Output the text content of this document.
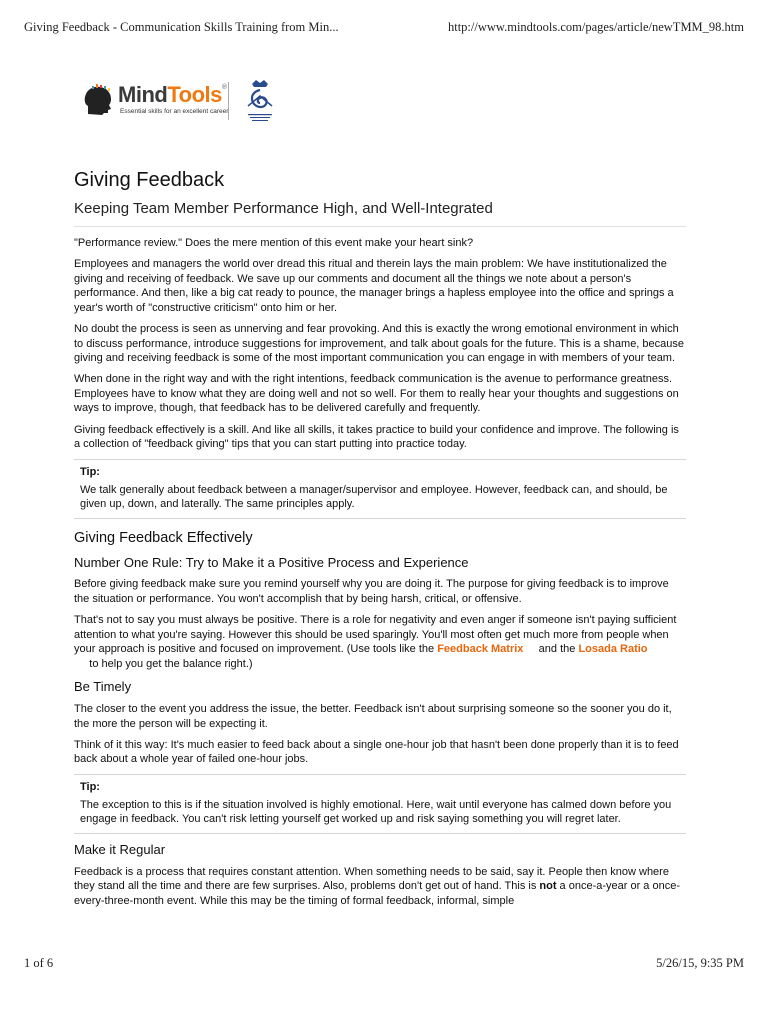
Giving Feedback - Communication Skills Training from Min...	http://www.mindtools.com/pages/article/newTMM_98.htm
MindTools®
Essential skills for an excellent career
Giving Feedback
Keeping Team Member Performance High, and Well-Integrated

"Performance review." Does the mere mention of this event make your heart sink?

Employees and managers the world over dread this ritual and therein lays the main problem: We have institutionalized the giving and receiving of feedback. We save up our comments and document all the things we note about a person's performance. And then, like a big cat ready to pounce, the manager brings a hapless employee into the office and springs a year's worth of "constructive criticism" onto him or her.

No doubt the process is seen as unnerving and fear provoking. And this is exactly the wrong emotional environment in which to discuss performance, introduce suggestions for improvement, and talk about goals for the future. This is a shame, because giving and receiving feedback is some of the most important communication you can engage in with members of your team.

When done in the right way and with the right intentions, feedback communication is the avenue to performance greatness. Employees have to know what they are doing well and not so well. For them to really hear your thoughts and suggestions on ways to improve, though, that feedback has to be delivered carefully and frequently.

Giving feedback effectively is a skill. And like all skills, it takes practice to build your confidence and improve. The following is a collection of "feedback giving" tips that you can start putting into practice today.

Tip:

We talk generally about feedback between a manager/supervisor and employee. However, feedback can, and should, be given up, down, and laterally. The same principles apply.

Giving Feedback Effectively
Number One Rule: Try to Make it a Positive Process and Experience

Before giving feedback make sure you remind yourself why you are doing it. The purpose for giving feedback is to improve the situation or performance. You won't accomplish that by being harsh, critical, or offensive.

That's not to say you must always be positive. There is a role for negativity and even anger if someone isn't paying sufficient attention to what you're saying. However this should be used sparingly. You'll most often get much more from people when your approach is positive and focused on improvement. (Use tools like the Feedback Matrix     and the Losada Ratio     to help you get the balance right.)

Be Timely

The closer to the event you address the issue, the better. Feedback isn't about surprising someone so the sooner you do it, the more the person will be expecting it.

Think of it this way: It's much easier to feed back about a single one-hour job that hasn't been done properly than it is to feed back about a whole year of failed one-hour jobs.

Tip:

The exception to this is if the situation involved is highly emotional. Here, wait until everyone has calmed down before you engage in feedback. You can't risk letting yourself get worked up and risk saying something you will regret later.

Make it Regular

Feedback is a process that requires constant attention. When something needs to be said, say it. People then know where they stand all the time and there are few surprises. Also, problems don't get out of hand. This is not a once-a-year or a once-every-three-month event. While this may be the timing of formal feedback, informal, simple

1 of 6	5/26/15, 9:35 PM
